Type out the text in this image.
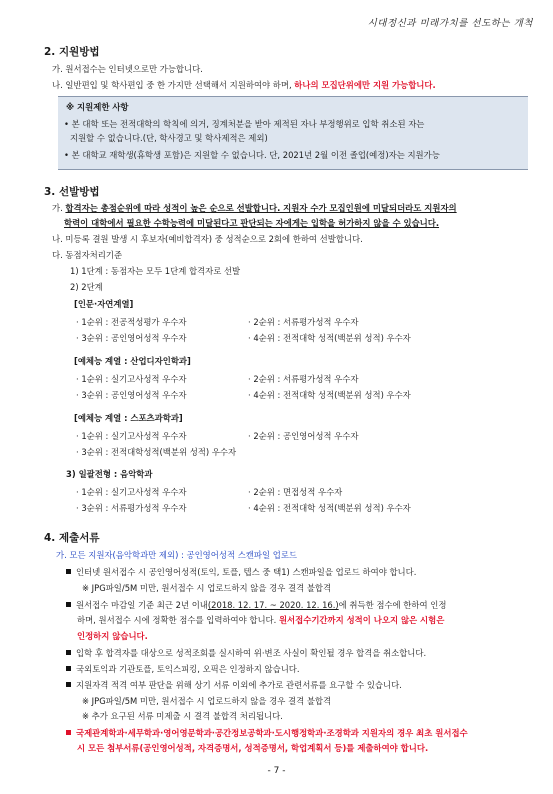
시대정신과 미래가치를 선도하는 개척
2. 지원방법
가. 원서접수는 인터넷으로만 가능합니다.
나. 일반편입 및 학사편입 중 한 가지만 선택해서 지원하여야 하며, 하나의 모집단위에만 지원 가능합니다.
※ 지원제한 사항
• 본 대학 또는 전적대학의 학칙에 의거, 징계처분을 받아 제적된 자나 부정행위로 입학 취소된 자는
지원할 수 없습니다.(단, 학사경고 및 학사제적은 제외)
• 본 대학교 재학생(휴학생 포함)은 지원할 수 없습니다. 단, 2021년 2월 이전 졸업(예정)자는 지원가능
3. 선발방법
가. 합격자는 총점순위에 따라 성적이 높은 순으로 선발합니다. 지원자 수가 모집인원에 미달되더라도 지원자의
학력이 대학에서 필요한 수학능력에 미달된다고 판단되는 자에게는 입학을 허가하지 않을 수 있습니다.
나. 미등록 결원 발생 시 후보자(예비합격자) 중 성적순으로 2회에 한하여 선발합니다.
다. 동점자처리기준
1) 1단계 : 동점자는 모두 1단계 합격자로 선발
2) 2단계
[인문·자연계열]
· 1순위 : 전공적성평가 우수자	· 2순위 : 서류평가성적 우수자
· 3순위 : 공인영어성적 우수자	· 4순위 : 전적대학 성적(백분위 성적) 우수자
[예체능 계열 : 산업디자인학과]
· 1순위 : 실기고사성적 우수자	· 2순위 : 서류평가성적 우수자
· 3순위 : 공인영어성적 우수자	· 4순위 : 전적대학 성적(백분위 성적) 우수자
[예체능 계열 : 스포츠과학과]
· 1순위 : 실기고사성적 우수자	· 2순위 : 공인영어성적 우수자
· 3순위 : 전적대학성적(백분위 성적) 우수자
3) 일괄전형 : 음악학과
· 1순위 : 실기고사성적 우수자	· 2순위 : 면접성적 우수자
· 3순위 : 서류평가성적 우수자	· 4순위 : 전적대학 성적(백분위 성적) 우수자
4. 제출서류
가. 모든 지원자(음악학과만 제외) : 공인영어성적 스캔파일 업로드
인터넷 원서접수 시 공인영어성적(토익, 토플, 텝스 중 택1) 스캔파일을 업로드 하여야 합니다.
※ JPG파일/5M 미만, 원서접수 시 업로드하지 않을 경우 결격 불합격
원서접수 마감일 기준 최근 2년 이내(2018. 12. 17. ~ 2020. 12. 16.)에 취득한 점수에 한하여 인정
하며, 원서접수 시에 정확한 점수를 입력하여야 합니다. 원서접수기간까지 성적이 나오지 않은 시험은
인정하지 않습니다.
입학 후 합격자를 대상으로 성적조회를 실시하여 위·변조 사실이 확인될 경우 합격을 취소합니다.
국외토익과 기관토플, 토익스피킹, 오픽은 인정하지 않습니다.
지원자격 적격 여부 판단을 위해 상기 서류 이외에 추가로 관련서류를 요구할 수 있습니다.
※ JPG파일/5M 미만, 원서접수 시 업로드하지 않을 경우 결격 불합격
※ 추가 요구된 서류 미제출 시 결격 불합격 처리됩니다.
국제관계학과·세무학과·영어영문학과·공간정보공학과·도시행정학과·조경학과 지원자의 경우 최초 원서접수
시 모든 첨부서류(공인영어성적, 자격증명서, 성적증명서, 학업계획서 등)를 제출하여야 합니다.
- 7 -
